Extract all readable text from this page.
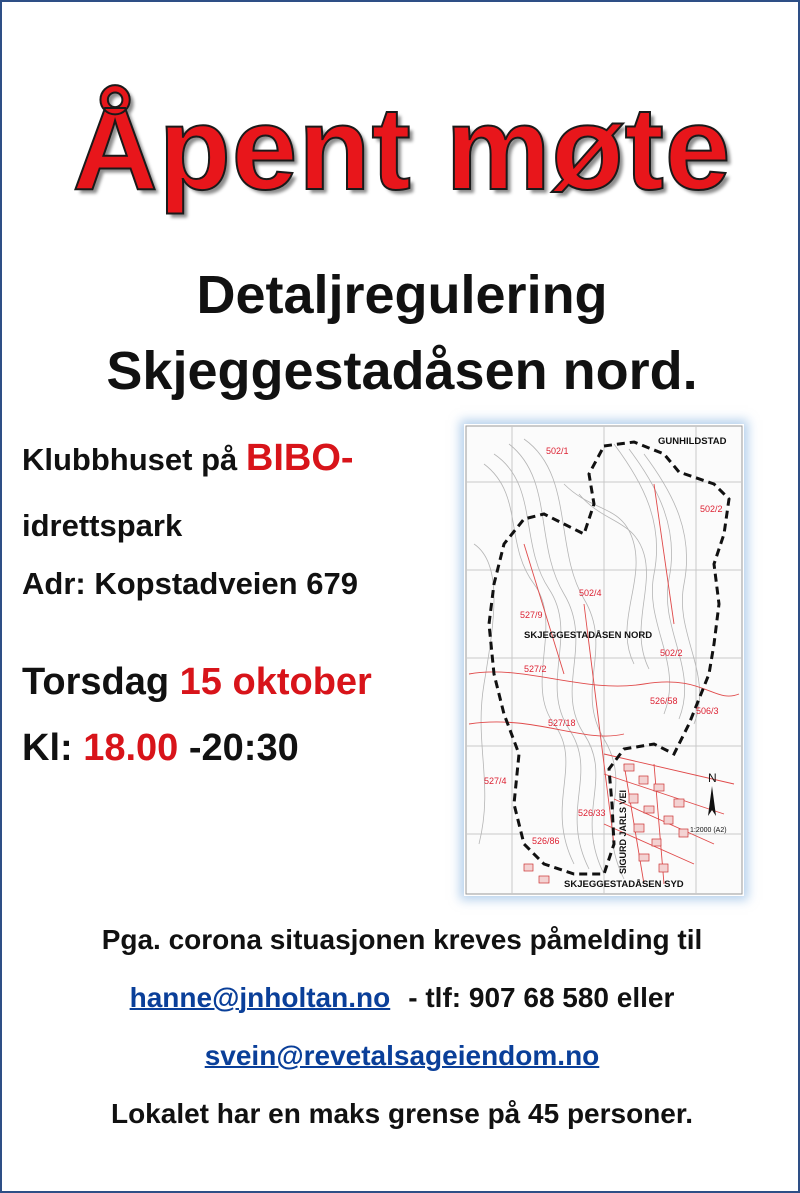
Åpent møte
Detaljregulering
Skjeggestadåsen nord.
Klubbhuset på BIBO-
idrettspark
Adr: Kopstadveien 679
Torsdag 15 oktober
Kl: 18.00 -20:30
502/1
502/2
502/4
527/9
502/2
527/2
526/58
506/3
527/18
527/4
526/33
526/86
GUNHILDSTAD
SKJEGGESTADÅSEN NORD
SKJEGGESTADÅSEN SYD
SIGURD JARLS VEI
N
1:2000 (A2)
Pga. corona situasjonen kreves påmelding til
hanne@jnholtan.no - tlf: 907 68 580 eller
svein@revetalsageiendom.no
Lokalet har en maks grense på 45 personer.
